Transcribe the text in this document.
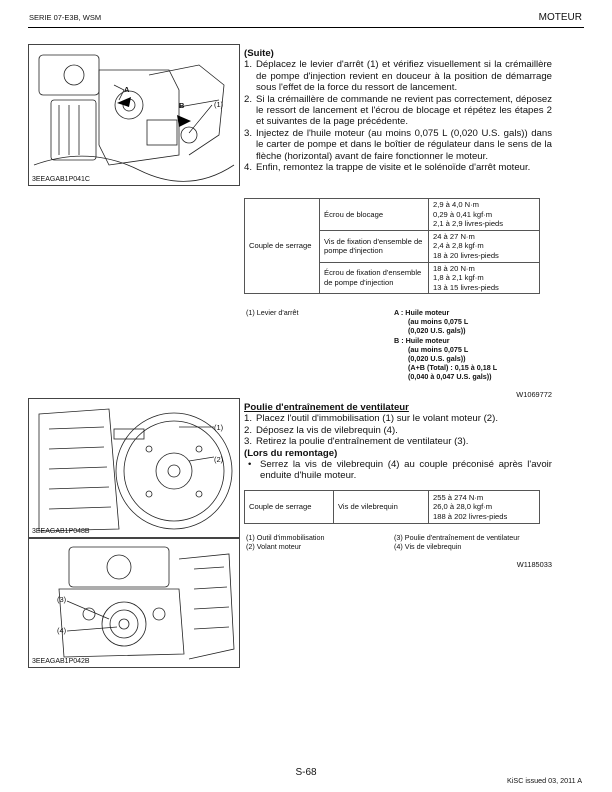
SERIE 07-E3B, WSM	MOTEUR
A
B	(1)
3EEAGAB1P041C
(1)
(2)
3EEAGAB1P048B
(3)
(4)
3EEAGAB1P042B

(Suite)

1. Déplacez le levier d'arrêt (1) et vérifiez visuellement si la crémaillère de pompe d'injection revient en douceur à la position de démarrage sous l'effet de la force du ressort de lancement.
2. Si la crémaillère de commande ne revient pas correctement, déposez le ressort de lancement et l'écrou de blocage et répétez les étapes 2 et suivantes de la page précédente.
3. Injectez de l'huile moteur (au moins 0,075 L (0,020 U.S. gals)) dans le carter de pompe et dans le boîtier de régulateur dans le sens de la flèche (horizontal) avant de faire fonctionner le moteur.
4. Enfin, remontez la trappe de visite et le solénoïde d'arrêt moteur.
Couple de serrage	Écrou de blocage	2,9 à 4,0 N·m
0,29 à 0,41 kgf·m
2,1 à 2,9 livres-pieds
	Vis de fixation d'ensemble de pompe d'injection	24 à 27 N·m
2,4 à 2,8 kgf·m
18 à 20 livres-pieds
	Écrou de fixation d'ensemble de pompe d'injection	18 à 20 N·m
1,8 à 2,1 kgf·m
13 à 15 livres-pieds
(1) Levier d'arrêt	A : Huile moteur
(au moins 0,075 L
(0,020 U.S. gals))
B : Huile moteur
(au moins 0,075 L
(0,020 U.S. gals))
(A+B (Total) : 0,15 à 0,18 L
(0,040 à 0,047 U.S. gals))
W1069772

Poulie d'entraînement de ventilateur

1. Placez l'outil d'immobilisation (1) sur le volant moteur (2).
2. Déposez la vis de vilebrequin (4).
3. Retirez la poulie d'entraînement de ventilateur (3).

(Lors du remontage)

• Serrez la vis de vilebrequin (4) au couple préconisé après l'avoir enduite d'huile moteur.
Couple de serrage	Vis de vilebrequin	255 à 274 N·m
26,0 à 28,0 kgf·m
188 à 202 livres-pieds
(1) Outil d'immobilisation
(2) Volant moteur
(3) Poulie d'entraînement de ventilateur
(4) Vis de vilebrequin
W1185033
S-68
KiSC issued 03, 2011 A
